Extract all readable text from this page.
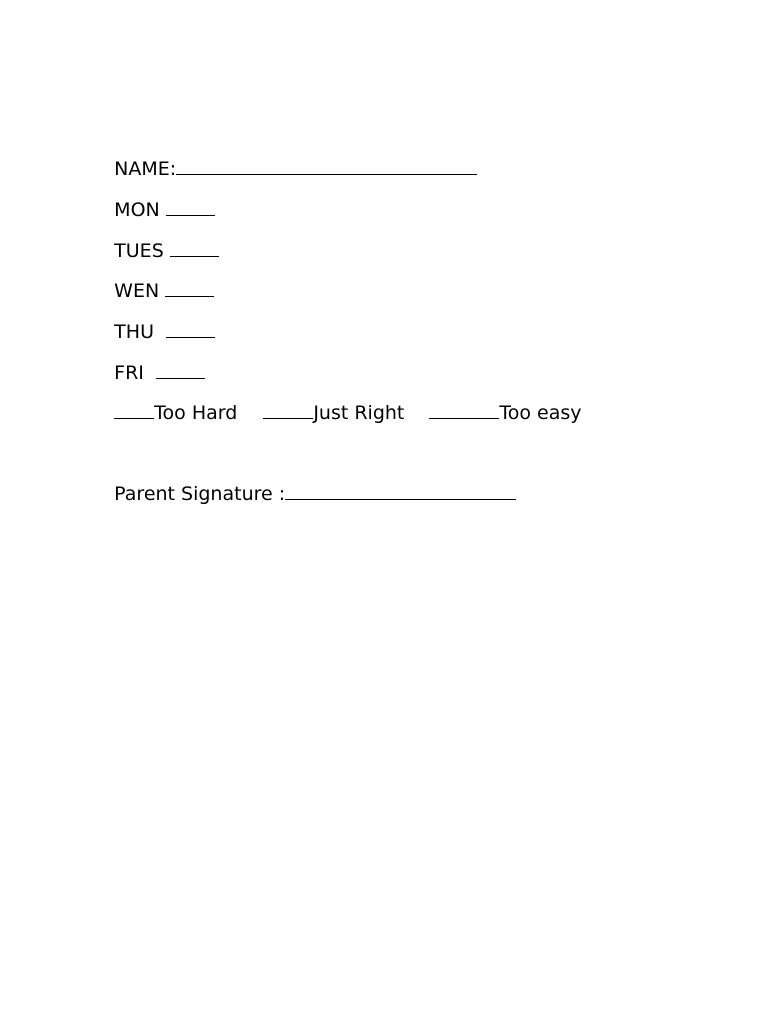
NAME:

MON

TUES

WEN

THU

FRI

Too Hard	Just Right	Too easy

Parent Signature :
